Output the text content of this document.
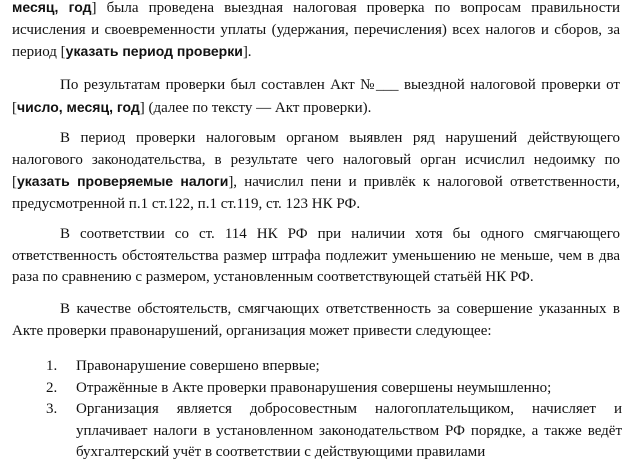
месяц, год] была проведена выездная налоговая проверка по вопросам правильности исчисления и своевременности уплаты (удержания, перечисления) всех налогов и сборов, за период [указать период проверки].

По результатам проверки был составлен Акт №___ выездной налоговой проверки от [число, месяц, год] (далее по тексту — Акт проверки).

В период проверки налоговым органом выявлен ряд нарушений действующего налогового законодательства, в результате чего налоговый орган исчислил недоимку по [указать проверяемые налоги], начислил пени и привлёк к налоговой ответственности, предусмотренной п.1 ст.122, п.1 ст.119, ст. 123 НК РФ.

В соответствии со ст. 114 НК РФ при наличии хотя бы одного смягчающего ответственность обстоятельства размер штрафа подлежит уменьшению не меньше, чем в два раза по сравнению с размером, установленным соответствующей статьёй НК РФ.

В качестве обстоятельств, смягчающих ответственность за совершение указанных в Акте проверки правонарушений, организация может привести следующее:

1.	Правонарушение совершено впервые;
2.	Отражённые в Акте проверки правонарушения совершены неумышленно;
3.	Организация является добросовестным налогоплательщиком, начисляет и уплачивает налоги в установленном законодательством РФ порядке, а также ведёт бухгалтерский учёт в соответствии с действующими правилами
